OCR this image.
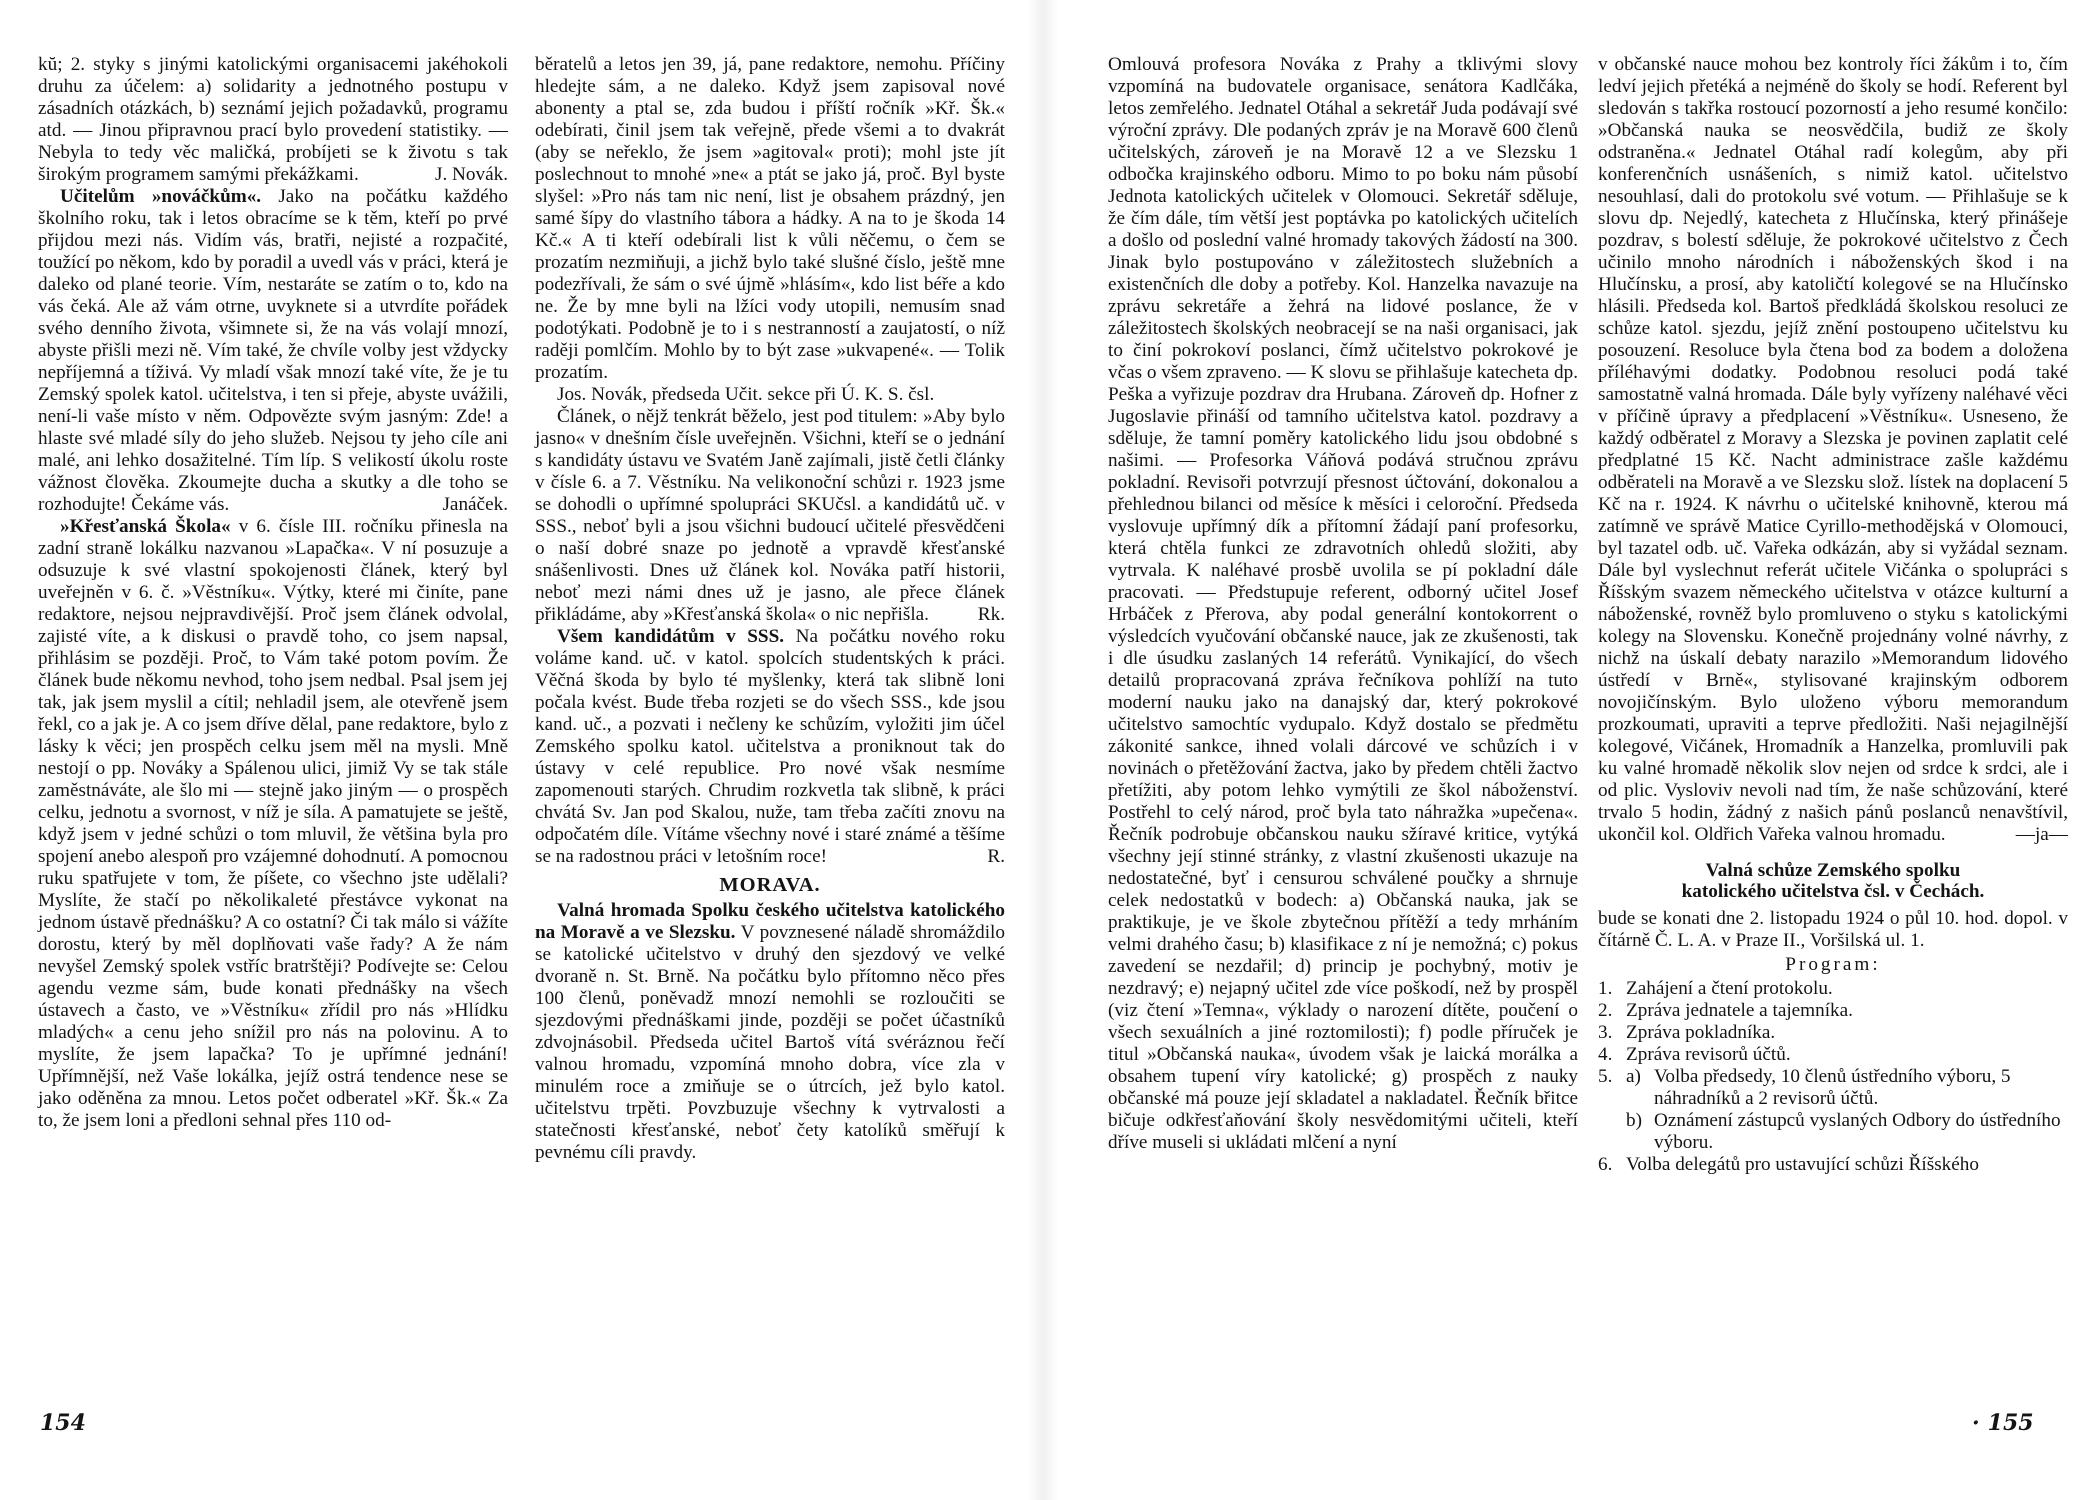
kŭ; 2. styky s jinými katolickými organisacemi jakéhokoli druhu za účelem: a) solidarity a jednotného postupu v zásadních otázkách, b) seznámí jejich požadavků, programu atd. — Jinou připravnou prací bylo provedení statistiky. — Nebyla to tedy věc maličká, probíjeti se k životu s tak širokým programem samými překážkami.	J. Novák.

Učitelům »nováčkům«. Jako na počátku každého školního roku, tak i letos obracíme se k těm, kteří po prvé přijdou mezi nás. Vidím vás, bratři, nejisté a rozpačité, toužící po někom, kdo by poradil a uvedl vás v práci, která je daleko od plané teorie. Vím, nestaráte se zatím o to, kdo na vás čeká. Ale až vám otrne, uvyknete si a utvrdíte pořádek svého denního života, všimnete si, že na vás volají mnozí, abyste přišli mezi ně. Vím také, že chvíle volby jest vždycky nepříjemná a tíživá. Vy mladí však mnozí také víte, že je tu Zemský spolek katol. učitelstva, i ten si přeje, abyste uvážili, není-li vaše místo v něm. Odpovězte svým jasným: Zde! a hlaste své mladé síly do jeho služeb. Nejsou ty jeho cíle ani malé, ani lehko dosažitelné. Tím líp. S velikostí úkolu roste vážnost člověka. Zkoumejte ducha a skutky a dle toho se rozhodujte! Čekáme vás.	Janáček.

»Křesťanská Škola« v 6. čísle III. ročníku přinesla na zadní straně lokálku nazvanou »Lapačka«. V ní posuzuje a odsuzuje k své vlastní spokojenosti článek, který byl uveřejněn v 6. č. »Věstníku«. Výtky, které mi činíte, pane redaktore, nejsou nejpravdivější. Proč jsem článek odvolal, zajisté víte, a k diskusi o pravdě toho, co jsem napsal, přihlásim se později. Proč, to Vám také potom povím. Že článek bude někomu nevhod, toho jsem nedbal. Psal jsem jej tak, jak jsem myslil a cítil; nehladil jsem, ale otevřeně jsem řekl, co a jak je. A co jsem dříve dělal, pane redaktore, bylo z lásky k věci; jen prospěch celku jsem měl na mysli. Mně nestojí o pp. Nováky a Spálenou ulici, jimiž Vy se tak stále zaměstnáváte, ale šlo mi — stejně jako jiným — o prospěch celku, jednotu a svornost, v níž je síla. A pamatujete se ještě, když jsem v jedné schůzi o tom mluvil, že většina byla pro spojení anebo alespoň pro vzájemné dohodnutí. A pomocnou ruku spatřujete v tom, že píšete, co všechno jste udělali? Myslíte, že stačí po několikaleté přestávce vykonat na jednom ústavě přednášku? A co ostatní? Či tak málo si vážíte dorostu, který by měl doplňovati vaše řady? A že nám nevyšel Zemský spolek vstříc bratrštěji? Podívejte se: Celou agendu vezme sám, bude konati přednášky na všech ústavech a často, ve »Věstníku« zřídil pro nás »Hlídku mladých« a cenu jeho snížil pro nás na polovinu. A to myslíte, že jsem lapačka? To je upřímné jednání! Upřímnější, než Vaše lokálka, jejíž ostrá tendence nese se jako oděněna za mnou. Letos počet odberatel »Kř. Šk.« Za to, že jsem loni a předloni sehnal přes 110 od-

běratelů a letos jen 39, já, pane redaktore, nemohu. Příčiny hledejte sám, a ne daleko. Když jsem zapisoval nové abonenty a ptal se, zda budou i příští ročník »Kř. Šk.« odebírati, činil jsem tak veřejně, přede všemi a to dvakrát (aby se neřeklo, že jsem »agitoval« proti); mohl jste jít poslechnout to mnohé »ne« a ptát se jako já, proč. Byl byste slyšel: »Pro nás tam nic není, list je obsahem prázdný, jen samé šípy do vlastního tábora a hádky. A na to je škoda 14 Kč.« A ti kteří odebírali list k vůli něčemu, o čem se prozatím nezmiňuji, a jichž bylo také slušné číslo, ještě mne podezřívali, že sám o své újmě »hlásím«, kdo list béře a kdo ne. Že by mne byli na lžíci vody utopili, nemusím snad podotýkati. Podobně je to i s nestranností a zaujatostí, o níž raději pomlčím. Mohlo by to být zase »ukvapené«. — Tolik prozatím.

Jos. Novák, předseda Učit. sekce při Ú. K. S. čsl.

Článek, o nějž tenkrát běželo, jest pod titulem: »Aby bylo jasno« v dnešním čísle uveřejněn. Všichni, kteří se o jednání s kandidáty ústavu ve Svatém Janě zajímali, jistě četli články v čísle 6. a 7. Věstníku. Na velikonoční schůzi r. 1923 jsme se dohodli o upřímné spolupráci SKUčsl. a kandidátů uč. v SSS., neboť byli a jsou všichni budoucí učitelé přesvědčeni o naší dobré snaze po jednotě a vpravdě křesťanské snášenlivosti. Dnes už článek kol. Nováka patří historii, neboť mezi námi dnes už je jasno, ale přece článek přikládáme, aby »Křesťanská škola« o nic nepřišla.	Rk.

Všem kandidátům v SSS. Na počátku nového roku voláme kand. uč. v katol. spolcích studentských k práci. Věčná škoda by bylo té myšlenky, která tak slibně loni počala kvést. Bude třeba rozjeti se do všech SSS., kde jsou kand. uč., a pozvati i nečleny ke schůzím, vyložiti jim účel Zemského spolku katol. učitelstva a proniknout tak do ústavy v celé republice. Pro nové však nesmíme zapomenouti starých. Chrudim rozkvetla tak slibně, k práci chvátá Sv. Jan pod Skalou, nuže, tam třeba začíti znovu na odpočatém díle. Vítáme všechny nové i staré známé a těšíme se na radostnou práci v letošním roce!	R.

MORAVA.

Valná hromada Spolku českého učitelstva katolického na Moravě a ve Slezsku. V povznesené náladě shromáždilo se katolické učitelstvo v druhý den sjezdový ve velké dvoraně n. St. Brně. Na počátku bylo přítomno něco přes 100 členů, poněvadž mnozí nemohli se rozloučiti se sjezdovými přednáškami jinde, později se počet účastníků zdvojnásobil. Předseda učitel Bartoš vítá svéráznou řečí valnou hromadu, vzpomíná mnoho dobra, více zla v minulém roce a zmiňuje se o útrcích, jež bylo katol. učitelstvu trpěti. Povzbuzuje všechny k vytrvalosti a statečnosti křesťanské, neboť čety katolíků směřují k pevnému cíli pravdy.

154

Omlouvá profesora Nováka z Prahy a tklivými slovy vzpomíná na budovatele organisace, senátora Kadlčáka, letos zemřelého. Jednatel Otáhal a sekretář Juda podávají své výroční zprávy. Dle podaných zpráv je na Moravě 600 členů učitelských, zároveň je na Moravě 12 a ve Slezsku 1 odbočka krajinského odboru. Mimo to po boku nám působí Jednota katolických učitelek v Olomouci. Sekretář sděluje, že čím dále, tím větší jest poptávka po katolických učitelích a došlo od poslední valné hromady takových žádostí na 300. Jinak bylo postupováno v záležitostech služebních a existenčních dle doby a potřeby. Kol. Hanzelka navazuje na zprávu sekretáře a žehrá na lidové poslance, že v záležitostech školských neobracejí se na naši organisaci, jak to činí pokrokoví poslanci, čímž učitelstvo pokrokové je včas o všem zpraveno. — K slovu se přihlašuje katecheta dp. Peška a vyřizuje pozdrav dra Hrubana. Zároveň dp. Hofner z Jugoslavie přináší od tamního učitelstva katol. pozdravy a sděluje, že tamní poměry katolického lidu jsou obdobné s našimi. — Profesorka Váňová podává stručnou zprávu pokladní. Revisoři potvrzují přesnost účtování, dokonalou a přehlednou bilanci od měsíce k měsíci i celoroční. Předseda vyslovuje upřímný dík a přítomní žádají paní profesorku, která chtěla funkci ze zdravotních ohledů složiti, aby vytrvala. K naléhavé prosbě uvolila se pí pokladní dále pracovati. — Předstupuje referent, odborný učitel Josef Hrbáček z Přerova, aby podal generální kontokorrent o výsledcích vyučování občanské nauce, jak ze zkušenosti, tak i dle úsudku zaslaných 14 referátů. Vynikající, do všech detailů propracovaná zpráva řečníkova pohlíží na tuto moderní nauku jako na danajský dar, který pokrokové učitelstvo samochtíc vydupalo. Když dostalo se předmětu zákonité sankce, ihned volali dárcové ve schůzích i v novinách o přetěžování žactva, jako by předem chtěli žactvo přetížiti, aby potom lehko vymýtili ze škol náboženství. Postřehl to celý národ, proč byla tato náhražka »upečena«. Řečník podrobuje občanskou nauku sžíravé kritice, vytýká všechny její stinné stránky, z vlastní zkušenosti ukazuje na nedostatečné, byť i censurou schválené poučky a shrnuje celek nedostatků v bodech: a) Občanská nauka, jak se praktikuje, je ve škole zbytečnou přítěží a tedy mrháním velmi drahého času; b) klasifikace z ní je nemožná; c) pokus zavedení se nezdařil; d) princip je pochybný, motiv je nezdravý; e) nejapný učitel zde více poškodí, než by prospěl (viz čtení »Temna«, výklady o narození dítěte, poučení o všech sexuálních a jiné roztomilosti); f) podle příruček je titul »Občanská nauka«, úvodem však je laická morálka a obsahem tupení víry katolické; g) prospěch z nauky občanské má pouze její skladatel a nakladatel. Řečník břitce bičuje odkřesťaňování školy nesvědomitými učiteli, kteří dříve museli si ukládati mlčení a nyní

v občanské nauce mohou bez kontroly říci žákům i to, čím ledví jejich přetéká a nejméně do školy se hodí. Referent byl sledován s takřka rostoucí pozorností a jeho resumé končilo: »Občanská nauka se neosvědčila, budiž ze školy odstraněna.« Jednatel Otáhal radí kolegům, aby při konferenčních usnášeních, s nimiž katol. učitelstvo nesouhlasí, dali do protokolu své votum. — Přihlašuje se k slovu dp. Nejedlý, katecheta z Hlučínska, který přinášeje pozdrav, s bolestí sděluje, že pokrokové učitelstvo z Čech učinilo mnoho národních i náboženských škod i na Hlučínsku, a prosí, aby katoličtí kolegové se na Hlučínsko hlásili. Předseda kol. Bartoš předkládá školskou resoluci ze schůze katol. sjezdu, jejíž znění postoupeno učitelstvu ku posouzení. Resoluce byla čtena bod za bodem a doložena příléhavými dodatky. Podobnou resoluci podá také samostatně valná hromada. Dále byly vyřízeny naléhavé věci v příčině úpravy a předplacení »Věstníku«. Usneseno, že každý odběratel z Moravy a Slezska je povinen zaplatit celé předplatné 15 Kč. Nacht administrace zašle každému odběrateli na Moravě a ve Slezsku slož. lístek na doplacení 5 Kč na r. 1924. K návrhu o učitelské knihovně, kterou má zatímně ve správě Matice Cyrillo-methodějská v Olomouci, byl tazatel odb. uč. Vařeka odkázán, aby si vyžádal seznam. Dále byl vyslechnut referát učitele Vičánka o spolupráci s Říšským svazem německého učitelstva v otázce kulturní a náboženské, rovněž bylo promluveno o styku s katolickými kolegy na Slovensku. Konečně projednány volné návrhy, z nichž na úskalí debaty narazilo »Memorandum lidového ústředí v Brně«, stylisované krajinským odborem novojičínským. Bylo uloženo výboru memorandum prozkoumati, upraviti a teprve předložiti. Naši nejagilnější kolegové, Vičánek, Hromadník a Hanzelka, promluvili pak ku valné hromadě několik slov nejen od srdce k srdci, ale i od plic. Vysloviv nevoli nad tím, že naše schůzování, které trvalo 5 hodin, žádný z našich pánů poslanců nenavštívil, ukončil kol. Oldřich Vařeka valnou hromadu.	—ja—

Valná schůze Zemského spolku
katolického učitelstva čsl. v Čechách.

bude se konati dne 2. listopadu 1924 o půl 10. hod. dopol. v čítárně Č. L. A. v Praze II., Voršilská ul. 1.

Program:
1. Zahájení a čtení protokolu.
2. Zpráva jednatele a tajemníka.
3. Zpráva pokladníka.
4. Zpráva revisorů účtů.
5. a) Volba předsedy, 10 členů ústředního výboru, 5 náhradníků a 2 revisorů účtů.
b) Oznámení zástupců vyslaných Odbory do ústředního výboru.
6. Volba delegátů pro ustavující schůzi Říšského
· 155
